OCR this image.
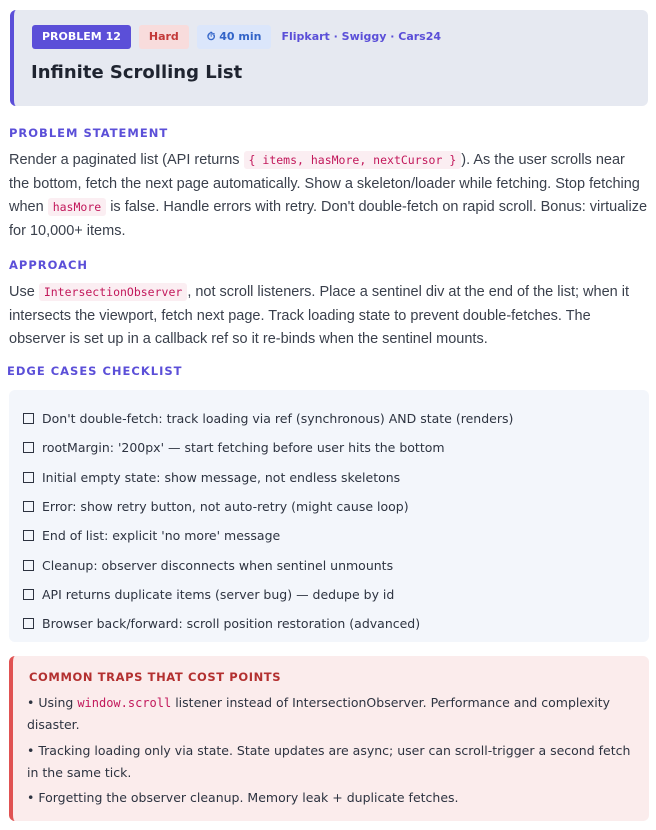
PROBLEM 12	Hard	⏱ 40 min	Flipkart · Swiggy · Cars24
Infinite Scrolling List
PROBLEM STATEMENT

Render a paginated list (API returns { items, hasMore, nextCursor } ). As the user scrolls near the bottom, fetch the next page automatically. Show a skeleton/loader while fetching. Stop fetching when hasMore is false. Handle errors with retry. Don't double-fetch on rapid scroll. Bonus: virtualize for 10,000+ items.

APPROACH

Use IntersectionObserver , not scroll listeners. Place a sentinel div at the end of the list; when it intersects the viewport, fetch next page. Track loading state to prevent double-fetches. The observer is set up in a callback ref so it re-binds when the sentinel mounts.

EDGE CASES CHECKLIST
Don't double-fetch: track loading via ref (synchronous) AND state (renders)
rootMargin: '200px' — start fetching before user hits the bottom
Initial empty state: show message, not endless skeletons
Error: show retry button, not auto-retry (might cause loop)
End of list: explicit 'no more' message
Cleanup: observer disconnects when sentinel unmounts
API returns duplicate items (server bug) — dedupe by id
Browser back/forward: scroll position restoration (advanced)
COMMON TRAPS THAT COST POINTS

• Using window.scroll listener instead of IntersectionObserver. Performance and complexity disaster.

• Tracking loading only via state. State updates are async; user can scroll-trigger a second fetch in the same tick.

• Forgetting the observer cleanup. Memory leak + duplicate fetches.
